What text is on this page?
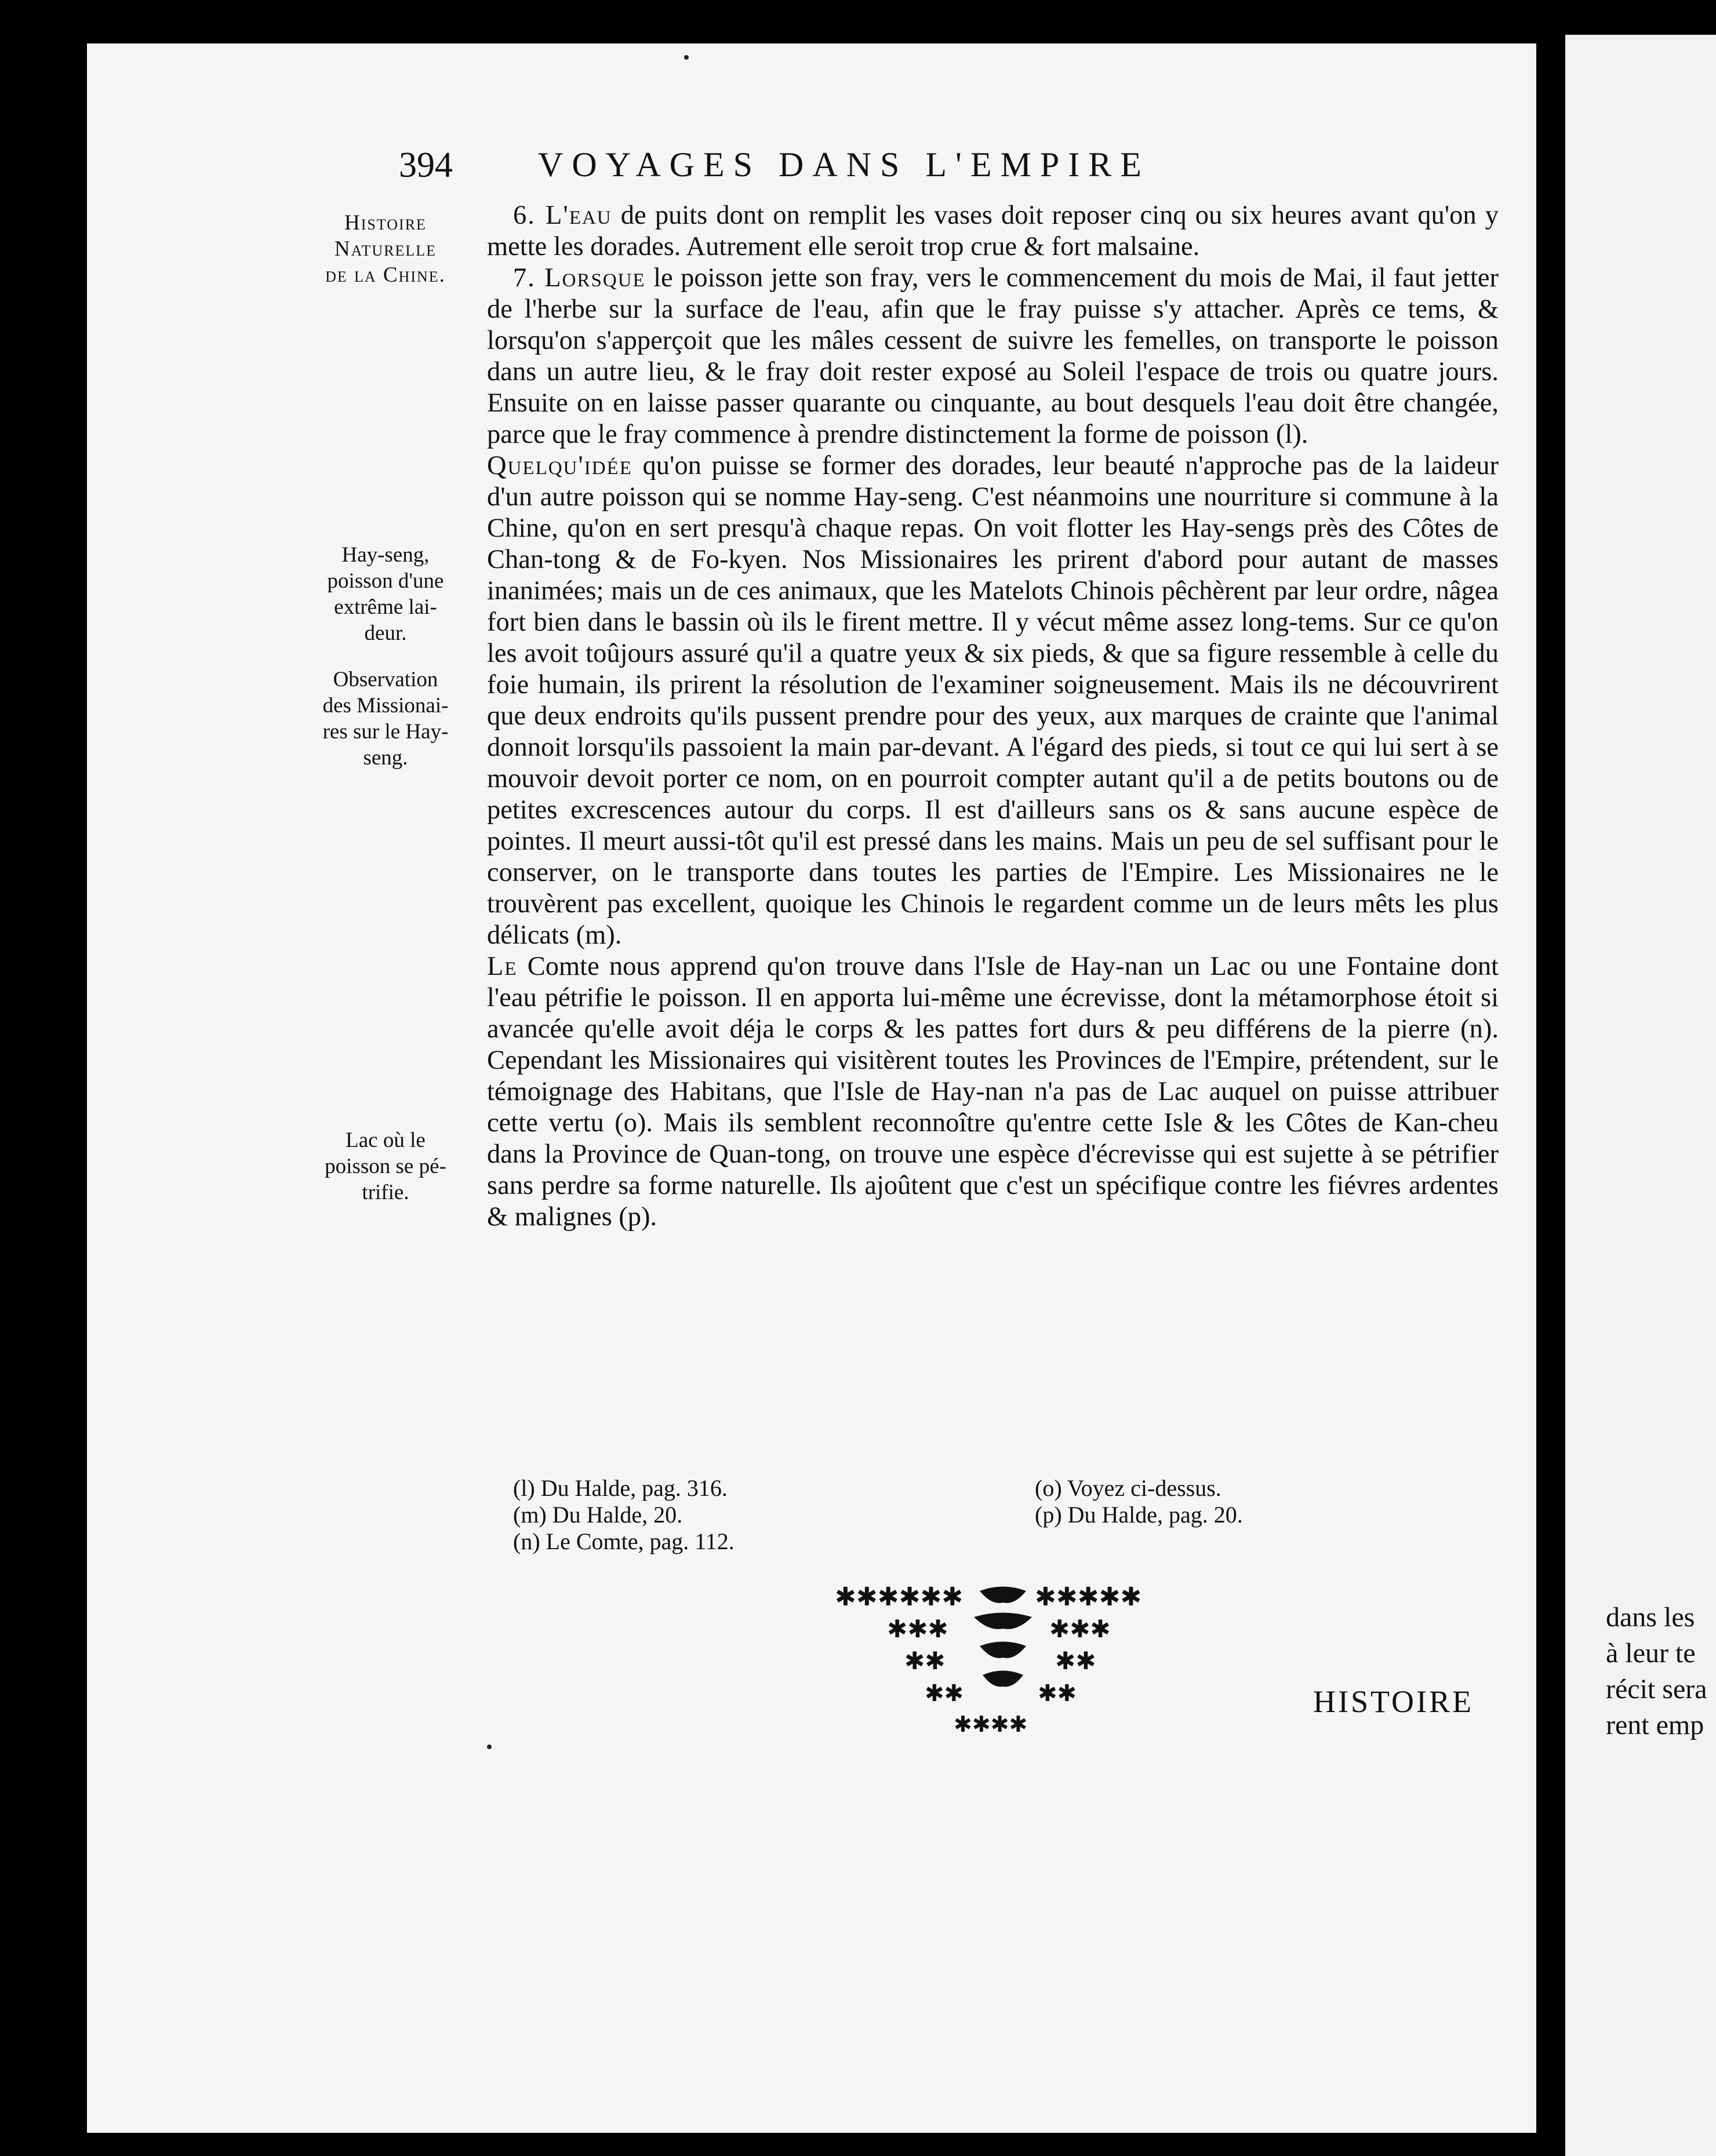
dans les
à leur te
récit sera
rent emp
394 VOYAGES DANS L'EMPIRE
Histoire
Naturelle
de la Chine.
Hay-seng,
poisson d'une
extrême lai-
deur.
Observation
des Missionai-
res sur le Hay-
seng.
Lac où le
poisson se pé-
trifie.

6. L'eau de puits dont on remplit les vases doit reposer cinq ou six heures avant qu'on y mette les dorades. Autrement elle seroit trop crue & fort malsaine.

7. Lorsque le poisson jette son fray, vers le commencement du mois de Mai, il faut jetter de l'herbe sur la surface de l'eau, afin que le fray puisse s'y attacher. Après ce tems, & lorsqu'on s'apperçoit que les mâles cessent de suivre les femelles, on transporte le poisson dans un autre lieu, & le fray doit rester exposé au Soleil l'espace de trois ou quatre jours. Ensuite on en laisse passer quarante ou cinquante, au bout desquels l'eau doit être changée, parce que le fray commence à prendre distinctement la forme de poisson (l).

Quelqu'idée qu'on puisse se former des dorades, leur beauté n'approche pas de la laideur d'un autre poisson qui se nomme Hay-seng. C'est néanmoins une nourriture si commune à la Chine, qu'on en sert presqu'à chaque repas. On voit flotter les Hay-sengs près des Côtes de Chan-tong & de Fo-kyen. Nos Missionaires les prirent d'abord pour autant de masses inanimées; mais un de ces animaux, que les Matelots Chinois pêchèrent par leur ordre, nâgea fort bien dans le bassin où ils le firent mettre. Il y vécut même assez long-tems. Sur ce qu'on les avoit toûjours assuré qu'il a quatre yeux & six pieds, & que sa figure ressemble à celle du foie humain, ils prirent la résolution de l'examiner soigneusement. Mais ils ne découvrirent que deux endroits qu'ils pussent prendre pour des yeux, aux marques de crainte que l'animal donnoit lorsqu'ils passoient la main par-devant. A l'égard des pieds, si tout ce qui lui sert à se mouvoir devoit porter ce nom, on en pourroit compter autant qu'il a de petits boutons ou de petites excrescences autour du corps. Il est d'ailleurs sans os & sans aucune espèce de pointes. Il meurt aussi-tôt qu'il est pressé dans les mains. Mais un peu de sel suffisant pour le conserver, on le transporte dans toutes les parties de l'Empire. Les Missionaires ne le trouvèrent pas excellent, quoique les Chinois le regardent comme un de leurs mêts les plus délicats (m).

Le Comte nous apprend qu'on trouve dans l'Isle de Hay-nan un Lac ou une Fontaine dont l'eau pétrifie le poisson. Il en apporta lui-même une écrevisse, dont la métamorphose étoit si avancée qu'elle avoit déja le corps & les pattes fort durs & peu différens de la pierre (n). Cependant les Missionaires qui visitèrent toutes les Provinces de l'Empire, prétendent, sur le témoignage des Habitans, que l'Isle de Hay-nan n'a pas de Lac auquel on puisse attribuer cette vertu (o). Mais ils semblent reconnoître qu'entre cette Isle & les Côtes de Kan-cheu dans la Province de Quan-tong, on trouve une espèce d'écrevisse qui est sujette à se pétrifier sans perdre sa forme naturelle. Ils ajoûtent que c'est un spécifique contre les fiévres ardentes & malignes (p).

(l) Du Halde, pag. 316.
(m) Du Halde, 20.
(n) Le Comte, pag. 112.
(o) Voyez ci-dessus.
(p) Du Halde, pag. 20.
✱✱✱✱✱✱	✱✱✱✱✱
✱✱✱	✱✱✱
✱✱	✱✱
✱✱	✱✱
✱✱✱✱
HISTOIRE
